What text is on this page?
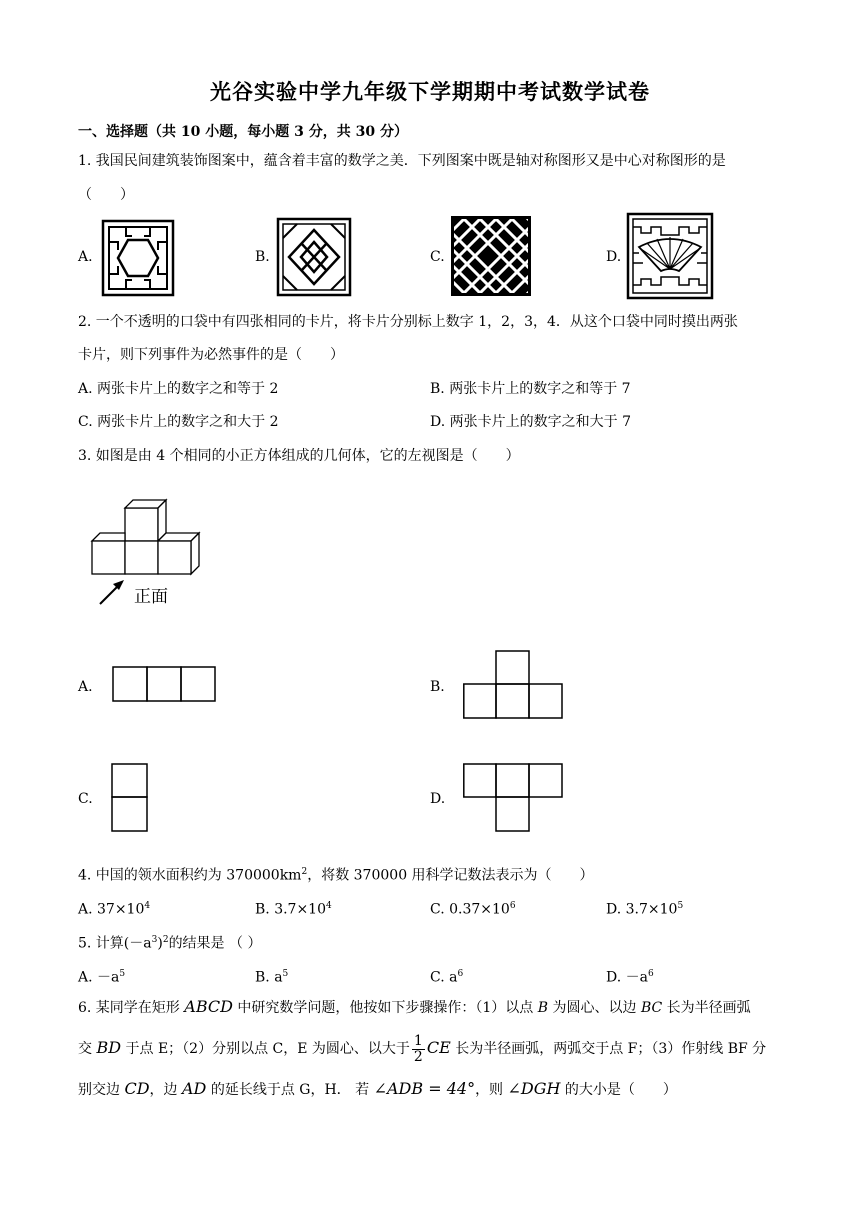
光谷实验中学九年级下学期期中考试数学试卷
一、选择题（共 10 小题，每小题 3 分，共 30 分）
1. 我国民间建筑装饰图案中，蕴含着丰富的数学之美．下列图案中既是轴对称图形又是中心对称图形的是
（　　）
A.	B.	C.	D.
2. 一个不透明的口袋中有四张相同的卡片，将卡片分别标上数字 1，2，3，4．从这个口袋中同时摸出两张
卡片，则下列事件为必然事件的是（　　）
A. 两张卡片上的数字之和等于 2	B. 两张卡片上的数字之和等于 7
C. 两张卡片上的数字之和大于 2	D. 两张卡片上的数字之和大于 7
3. 如图是由 4 个相同的小正方体组成的几何体，它的左视图是（　　）
正面
A.	B.
C.	D.
4. 中国的领水面积约为 $370000km^2$，将数 370000 用科学记数法表示为（　　）
A. $37\times 10^4$	B. $3.7\times 10^4$	C. $0.37\times 10^6$	D. $3.7\times 10^5$
5. 计算$(-a^3)^2$的结果是 （ ）
A. $-a^5$	B. $a^5$	C. $a^6$	D. $-a^6$
6. 某同学在矩形 ABCD 中研究数学问题，他按如下步骤操作：（1）以点 B 为圆心、以边 BC 长为半径画弧
交 BD 于点 E；（2）分别以点 C，E 为圆心、以大于 $\frac{1}{2}$ CE 长为半径画弧，两弧交于点 F；（3）作射线 BF 分
别交边 CD，边 AD 的延长线于点 G，H． 若 ∠ADB = 44°，则 ∠DGH 的大小是（　　）
